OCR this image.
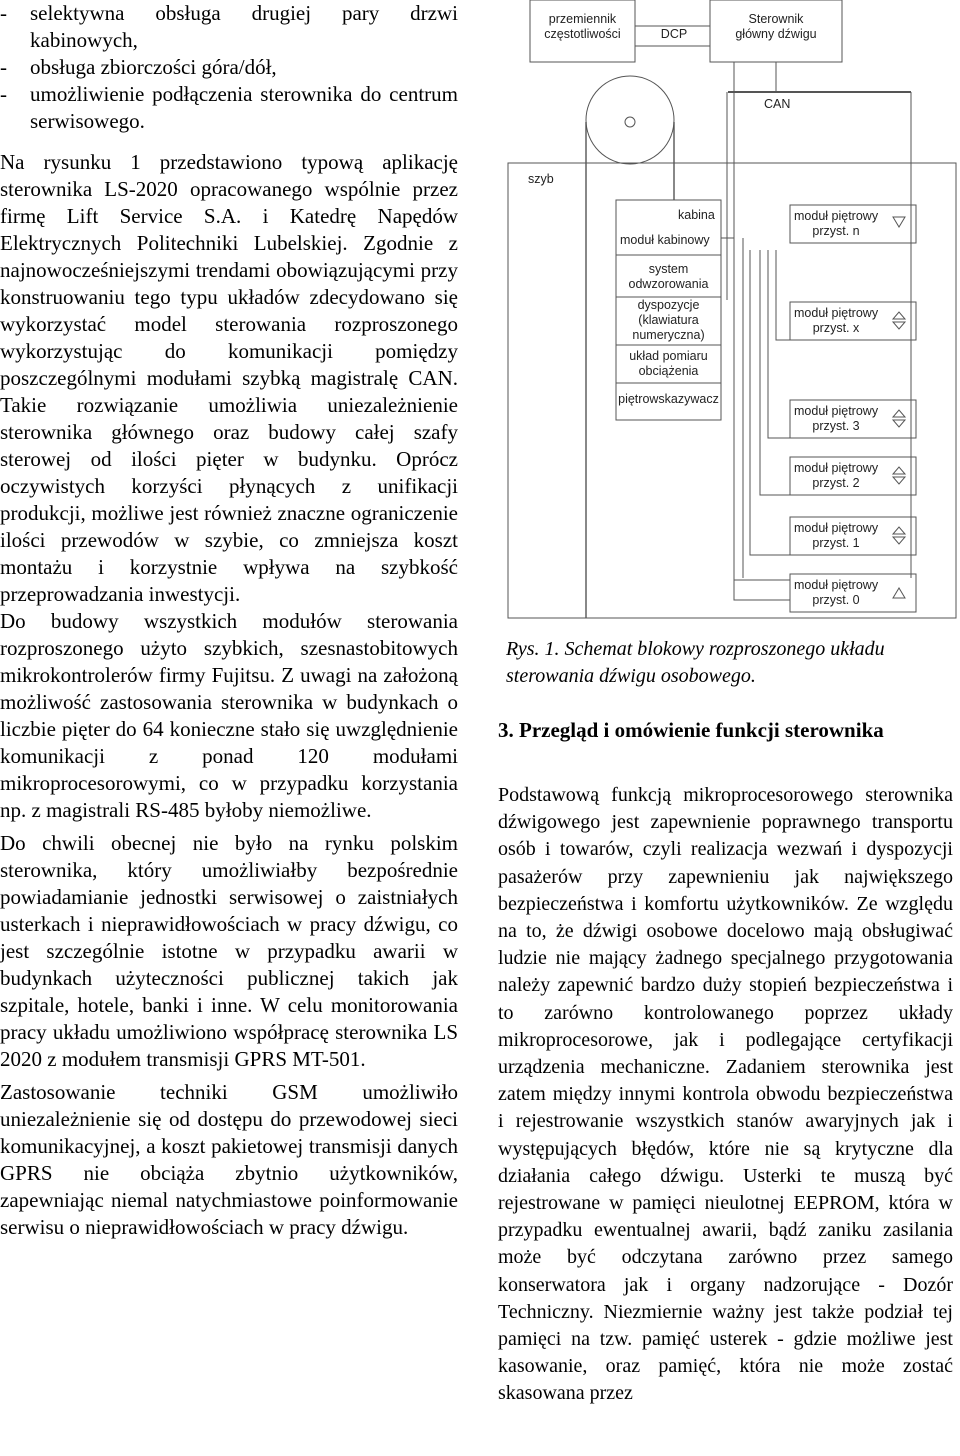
- selektywna obsługa drugiej pary drzwi kabinowych,
- obsługa zbiorczości góra/dół,
- umożliwienie podłączenia sterownika do centrum serwisowego.

Na rysunku 1 przedstawiono typową aplikację sterownika LS-2020 opracowanego wspólnie przez firmę Lift Service S.A. i Katedrę Napędów Elektrycznych Politechniki Lubelskiej. Zgodnie z najnowocześniejszymi trendami obowiązującymi przy konstruowaniu tego typu układów zdecydowano się wykorzystać model sterowania rozproszonego wykorzystując do komunikacji pomiędzy poszczególnymi modułami szybką magistralę CAN. Takie rozwiązanie umożliwia uniezależnienie sterownika głównego oraz budowy całej szafy sterowej od ilości pięter w budynku. Oprócz oczywistych korzyści płynących z unifikacji produkcji, możliwe jest również znaczne ograniczenie ilości przewodów w szybie, co zmniejsza koszt montażu i korzystnie wpływa na szybkość przeprowadzania inwestycji.

Do budowy wszystkich modułów sterowania rozproszonego użyto szybkich, szesnastobitowych mikrokontrolerów firmy Fujitsu. Z uwagi na założoną możliwość zastosowania sterownika w budynkach o liczbie pięter do 64 konieczne stało się uwzględnienie komunikacji z ponad 120 modułami mikroprocesorowymi, co w przypadku korzystania np. z magistrali RS-485 byłoby niemożliwe.

Do chwili obecnej nie było na rynku polskim sterownika, który umożliwiałby bezpośrednie powiadamianie jednostki serwisowej o zaistniałych usterkach i nieprawidłowościach w pracy dźwigu, co jest szczególnie istotne w przypadku awarii w budynkach użyteczności publicznej takich jak szpitale, hotele, banki i inne. W celu monitorowania pracy układu umożliwiono współpracę sterownika LS 2020 z modułem transmisji GPRS MT-501.

Zastosowanie techniki GSM umożliwiło uniezależnienie się od dostępu do przewodowej sieci komunikacyjnej, a koszt pakietowej transmisji danych GPRS nie obciąża zbytnio użytkowników, zapewniając niemal natychmiastowe poinformowanie serwisu o nieprawidłowościach w pracy dźwigu.

przemiennik
częstotliwości	DCP
Sterownik
główny dźwigu
CAN
szyb
kabina
moduł kabinowy
system
odwzorowania
dyspozycje
(klawiatura
numeryczna)
układ pomiaru
obciążenia
piętrowskazywacz
moduł piętrowy
przyst. n
moduł piętrowy
przyst. x
moduł piętrowy
przyst. 3
moduł piętrowy
przyst. 2
moduł piętrowy
przyst. 1
moduł piętrowy
przyst. 0
Rys. 1. Schemat blokowy rozproszonego układu sterowania dźwigu osobowego.
3. Przegląd i omówienie funkcji sterownika
Podstawową funkcją mikroprocesorowego sterownika dźwigowego jest zapewnienie poprawnego transportu osób i towarów, czyli realizacja wezwań i dyspozycji pasażerów przy zapewnieniu jak największego bezpieczeństwa i komfortu użytkowników. Ze względu na to, że dźwigi osobowe docelowo mają obsługiwać ludzie nie mający żadnego specjalnego przygotowania należy zapewnić bardzo duży stopień bezpieczeństwa i to zarówno kontrolowanego poprzez układy mikroprocesorowe, jak i podlegające certyfikacji urządzenia mechaniczne. Zadaniem sterownika jest zatem między innymi kontrola obwodu bezpieczeństwa i rejestrowanie wszystkich stanów awaryjnych jak i występujących błędów, które nie są krytyczne dla działania całego dźwigu. Usterki te muszą być rejestrowane w pamięci nieulotnej EEPROM, która w przypadku ewentualnej awarii, bądź zaniku zasilania może być odczytana zarówno przez samego konserwatora jak i organy nadzorujące - Dozór Techniczny. Niezmiernie ważny jest także podział tej pamięci na tzw. pamięć usterek - gdzie możliwe jest kasowanie, oraz pamięć, która nie może zostać skasowana przez
